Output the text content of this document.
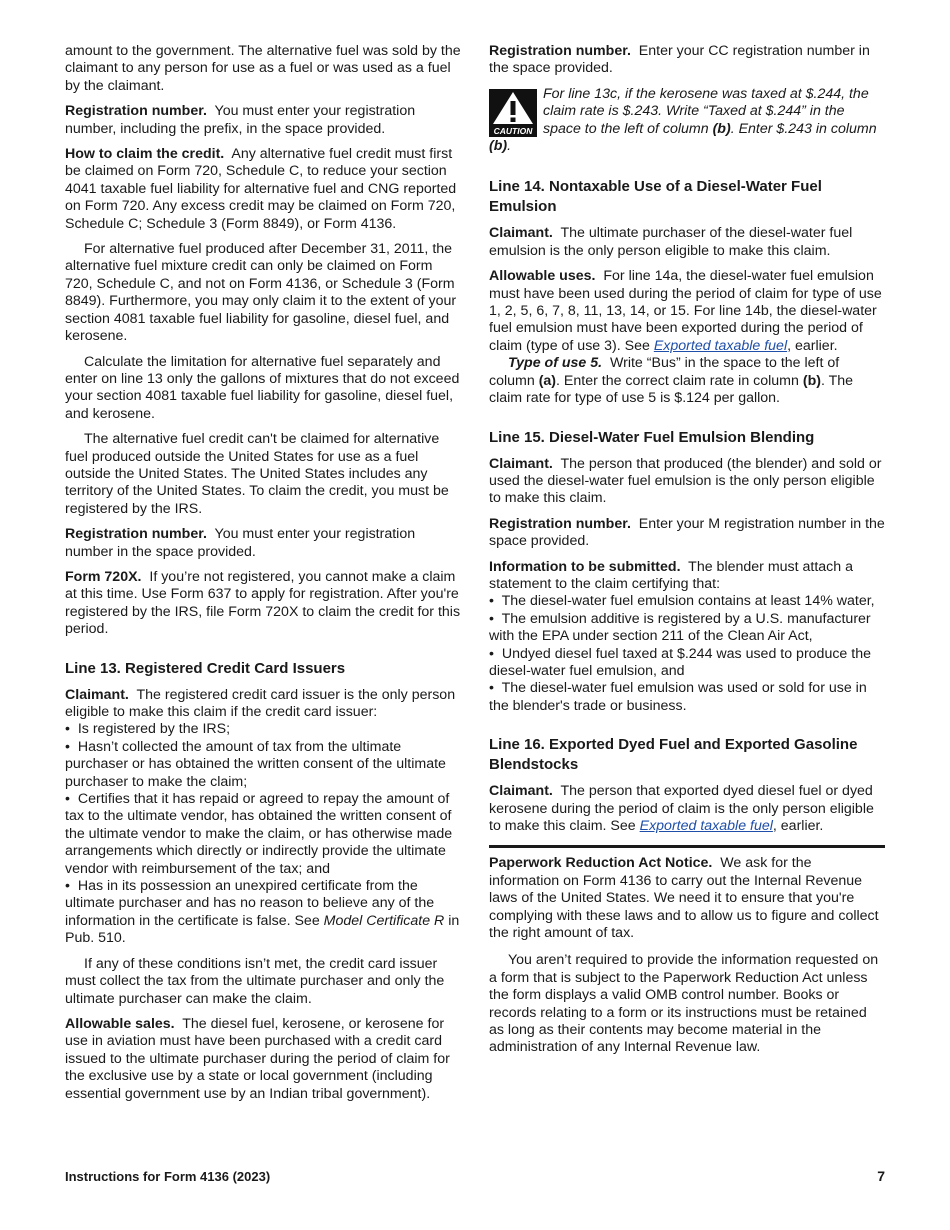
amount to the government. The alternative fuel was sold by the claimant to any person for use as a fuel or was used as a fuel by the claimant.

Registration number. You must enter your registration number, including the prefix, in the space provided.

How to claim the credit. Any alternative fuel credit must first be claimed on Form 720, Schedule C, to reduce your section 4041 taxable fuel liability for alternative fuel and CNG reported on Form 720. Any excess credit may be claimed on Form 720, Schedule C; Schedule 3 (Form 8849), or Form 4136.

For alternative fuel produced after December 31, 2011, the alternative fuel mixture credit can only be claimed on Form 720, Schedule C, and not on Form 4136, or Schedule 3 (Form 8849). Furthermore, you may only claim it to the extent of your section 4081 taxable fuel liability for gasoline, diesel fuel, and kerosene.

Calculate the limitation for alternative fuel separately and enter on line 13 only the gallons of mixtures that do not exceed your section 4081 taxable fuel liability for gasoline, diesel fuel, and kerosene.

The alternative fuel credit can't be claimed for alternative fuel produced outside the United States for use as a fuel outside the United States. The United States includes any territory of the United States. To claim the credit, you must be registered by the IRS.

Registration number. You must enter your registration number in the space provided.

Form 720X. If you’re not registered, you cannot make a claim at this time. Use Form 637 to apply for registration. After you're registered by the IRS, file Form 720X to claim the credit for this period.

Line 13. Registered Credit Card Issuers

Claimant. The registered credit card issuer is the only person eligible to make this claim if the credit card issuer:
•  Is registered by the IRS;
•  Hasn’t collected the amount of tax from the ultimate purchaser or has obtained the written consent of the ultimate purchaser to make the claim;
•  Certifies that it has repaid or agreed to repay the amount of tax to the ultimate vendor, has obtained the written consent of the ultimate vendor to make the claim, or has otherwise made arrangements which directly or indirectly provide the ultimate vendor with reimbursement of the tax; and
•  Has in its possession an unexpired certificate from the ultimate purchaser and has no reason to believe any of the information in the certificate is false. See Model Certificate R in Pub. 510.

If any of these conditions isn’t met, the credit card issuer must collect the tax from the ultimate purchaser and only the ultimate purchaser can make the claim.

Allowable sales. The diesel fuel, kerosene, or kerosene for use in aviation must have been purchased with a credit card issued to the ultimate purchaser during the period of claim for the exclusive use by a state or local government (including essential government use by an Indian tribal government).

Registration number. Enter your CC registration number in the space provided.

CAUTION
For line 13c, if the kerosene was taxed at $.244, the claim rate is $.243. Write “Taxed at $.244” in the space to the left of column (b). Enter $.243 in column (b).

Line 14. Nontaxable Use of a Diesel-Water Fuel Emulsion

Claimant. The ultimate purchaser of the diesel-water fuel emulsion is the only person eligible to make this claim.

Allowable uses. For line 14a, the diesel-water fuel emulsion must have been used during the period of claim for type of use 1, 2, 5, 6, 7, 8, 11, 13, 14, or 15. For line 14b, the diesel-water fuel emulsion must have been exported during the period of claim (type of use 3). See Exported taxable fuel, earlier.

Type of use 5. Write “Bus” in the space to the left of column (a). Enter the correct claim rate in column (b). The claim rate for type of use 5 is $.124 per gallon.

Line 15. Diesel-Water Fuel Emulsion Blending

Claimant. The person that produced (the blender) and sold or used the diesel-water fuel emulsion is the only person eligible to make this claim.

Registration number. Enter your M registration number in the space provided.

Information to be submitted. The blender must attach a statement to the claim certifying that:
•  The diesel-water fuel emulsion contains at least 14% water,
•  The emulsion additive is registered by a U.S. manufacturer with the EPA under section 211 of the Clean Air Act,
•  Undyed diesel fuel taxed at $.244 was used to produce the diesel-water fuel emulsion, and
•  The diesel-water fuel emulsion was used or sold for use in the blender's trade or business.

Line 16. Exported Dyed Fuel and Exported Gasoline Blendstocks

Claimant. The person that exported dyed diesel fuel or dyed kerosene during the period of claim is the only person eligible to make this claim. See Exported taxable fuel, earlier.

Paperwork Reduction Act Notice. We ask for the information on Form 4136 to carry out the Internal Revenue laws of the United States. We need it to ensure that you're complying with these laws and to allow us to figure and collect the right amount of tax.

You aren’t required to provide the information requested on a form that is subject to the Paperwork Reduction Act unless the form displays a valid OMB control number. Books or records relating to a form or its instructions must be retained as long as their contents may become material in the administration of any Internal Revenue law.

Instructions for Form 4136 (2023)	7
